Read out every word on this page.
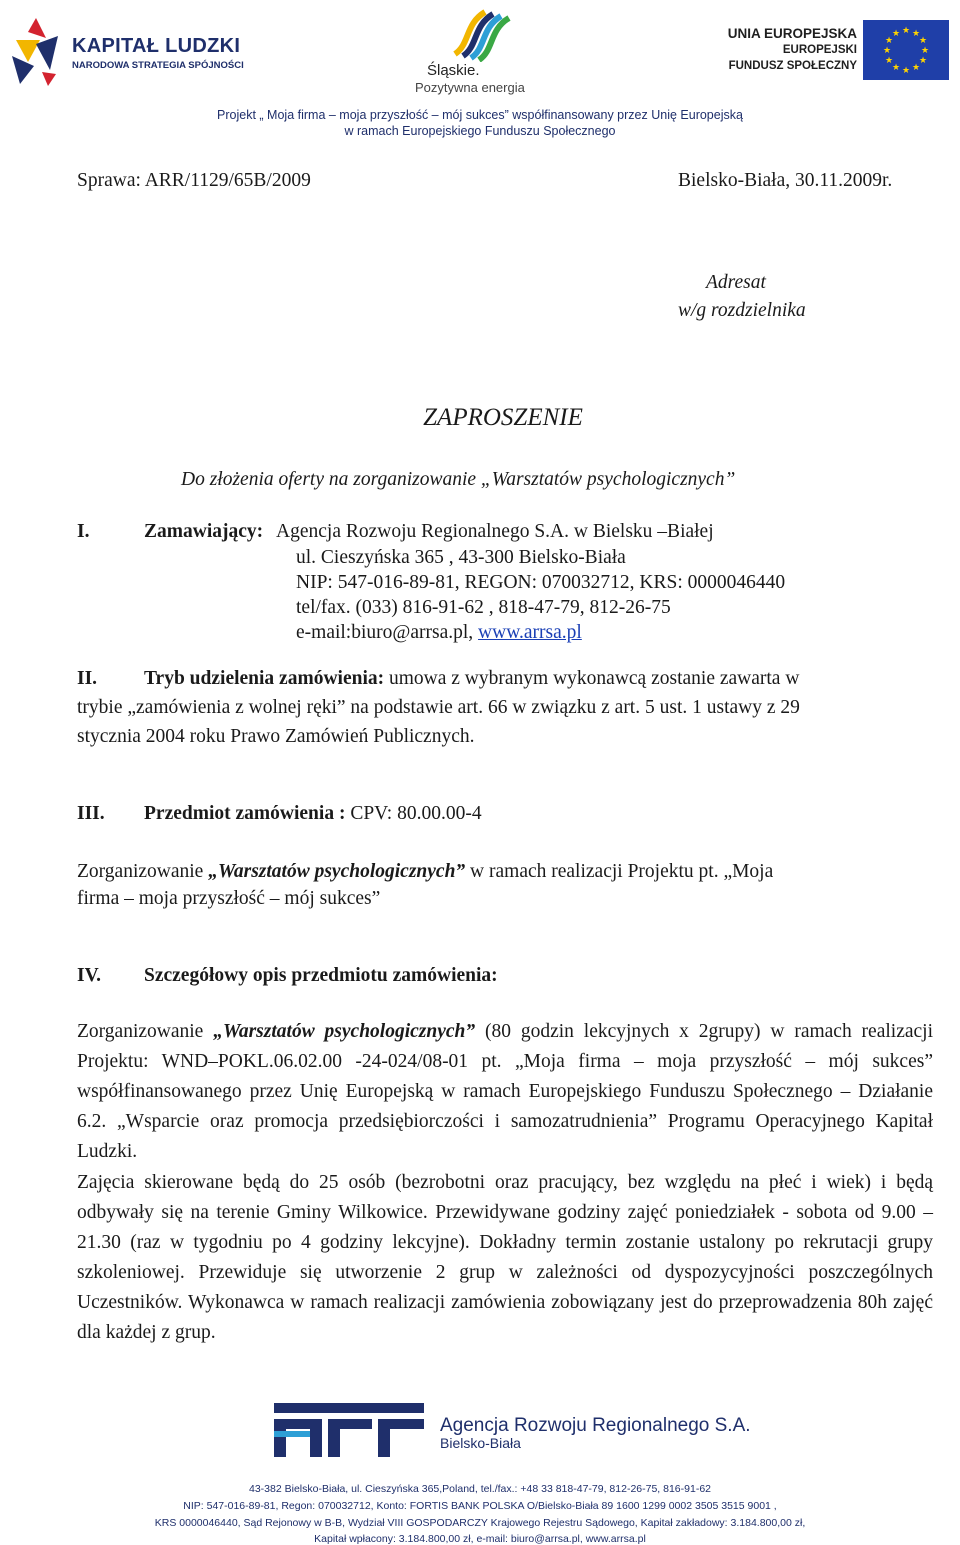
KAPITAŁ LUDZKI
NARODOWA STRATEGIA SPÓJNOŚCI	Śląskie.
Pozytywna energia
UNIA EUROPEJSKA
EUROPEJSKI
FUNDUSZ SPOŁECZNY
★ ★
★
★
★
★
★
★
★
★
★
★
Projekt „ Moja firma – moja przyszłość – mój sukces” współfinansowany przez Unię Europejską
w ramach Europejskiego Funduszu Społecznego
Sprawa: ARR/1129/65B/2009	Bielsko-Biała, 30.11.2009r.
Adresat
w/g rozdzielnika
ZAPROSZENIE
Do złożenia oferty na zorganizowanie „Warsztatów psychologicznych”
I.	Zamawiający: Agencja Rozwoju Regionalnego S.A. w Bielsku –Białej
ul. Cieszyńska 365 , 43-300 Bielsko-Biała
NIP: 547-016-89-81, REGON: 070032712, KRS: 0000046440
tel/fax. (033) 816-91-62 , 818-47-79, 812-26-75
e-mail:biuro@arrsa.pl, www.arrsa.pl
II. Tryb udzielenia zamówienia: umowa z wybranym wykonawcą zostanie zawarta w
trybie „zamówienia z wolnej ręki” na podstawie art. 66 w związku z art. 5 ust. 1 ustawy z 29
stycznia 2004 roku Prawo Zamówień Publicznych.
III. Przedmiot zamówienia : CPV: 80.00.00-4
Zorganizowanie „Warsztatów psychologicznych” w ramach realizacji Projektu pt. „Moja
firma – moja przyszłość – mój sukces”
IV. Szczegółowy opis przedmiotu zamówienia:

Zorganizowanie „Warsztatów psychologicznych” (80 godzin lekcyjnych x 2grupy) w ramach realizacji Projektu: WND–POKL.06.02.00 -24-024/08-01 pt. „Moja firma – moja przyszłość – mój sukces” współfinansowanego przez Unię Europejską w ramach Europejskiego Funduszu Społecznego – Działanie 6.2. „Wsparcie oraz promocja przedsiębiorczości i samozatrudnienia” Programu Operacyjnego Kapitał Ludzki.

Zajęcia skierowane będą do 25 osób (bezrobotni oraz pracujący, bez względu na płeć i wiek) i będą odbywały się na terenie Gminy Wilkowice. Przewidywane godziny zajęć poniedziałek - sobota od 9.00 – 21.30 (raz w tygodniu po 4 godziny lekcyjne). Dokładny termin zostanie ustalony po rekrutacji grupy szkoleniowej. Przewiduje się utworzenie 2 grup w zależności od dyspozycyjności poszczególnych Uczestników. Wykonawca w ramach realizacji zamówienia zobowiązany jest do przeprowadzenia 80h zajęć dla każdej z grup.

Agencja Rozwoju Regionalnego S.A.
Bielsko-Biała
43-382 Bielsko-Biała, ul. Cieszyńska 365,Poland, tel./fax.: +48 33 818-47-79, 812-26-75, 816-91-62
NIP: 547-016-89-81, Regon: 070032712, Konto: FORTIS BANK POLSKA O/Bielsko-Biała 89 1600 1299 0002 3505 3515 9001 ,
KRS 0000046440, Sąd Rejonowy w B-B, Wydział VIII GOSPODARCZY Krajowego Rejestru Sądowego, Kapitał zakładowy: 3.184.800,00 zł,
Kapitał wpłacony: 3.184.800,00 zł, e-mail: biuro@arrsa.pl, www.arrsa.pl
